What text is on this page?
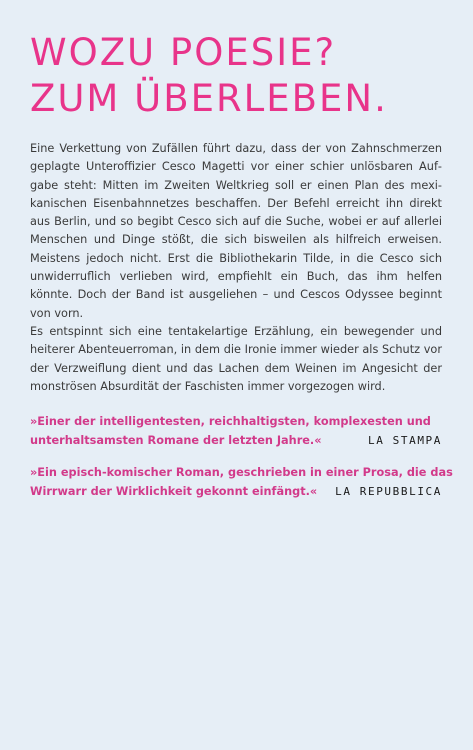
WOZU POESIE?
ZUM ÜBERLEBEN.

Eine Verkettung von Zufällen führt dazu, dass der von Zahnschmerzen geplagte Unteroffizier Cesco Magetti vor einer schier unlösbaren Aufgabe steht: Mitten im Zweiten Weltkrieg soll er einen Plan des mexikanischen Eisenbahnnetzes beschaffen. Der Befehl erreicht ihn direkt aus Berlin, und so begibt Cesco sich auf die Suche, wobei er auf allerlei Menschen und Dinge stößt, die sich bisweilen als hilfreich erweisen. Meistens jedoch nicht. Erst die Bibliothekarin Tilde, in die Cesco sich unwiderruflich verlieben wird, empfiehlt ein Buch, das ihm helfen könnte. Doch der Band ist ausgeliehen – und Cescos Odyssee beginnt von vorn.

Es entspinnt sich eine tentakelartige Erzählung, ein bewegender und heiterer Abenteuerroman, in dem die Ironie immer wieder als Schutz vor der Verzweiflung dient und das Lachen dem Weinen im Angesicht der monströsen Absurdität der Faschisten immer vorgezogen wird.

LA STAMPA
»Einer der intelligentesten, reichhaltigsten, komplexesten und
unterhaltsamsten Romane der letzten Jahre.«
LA REPUBBLICA
»Ein episch-komischer Roman, geschrieben in einer Prosa, die das
Wirrwarr der Wirklichkeit gekonnt einfängt.«
